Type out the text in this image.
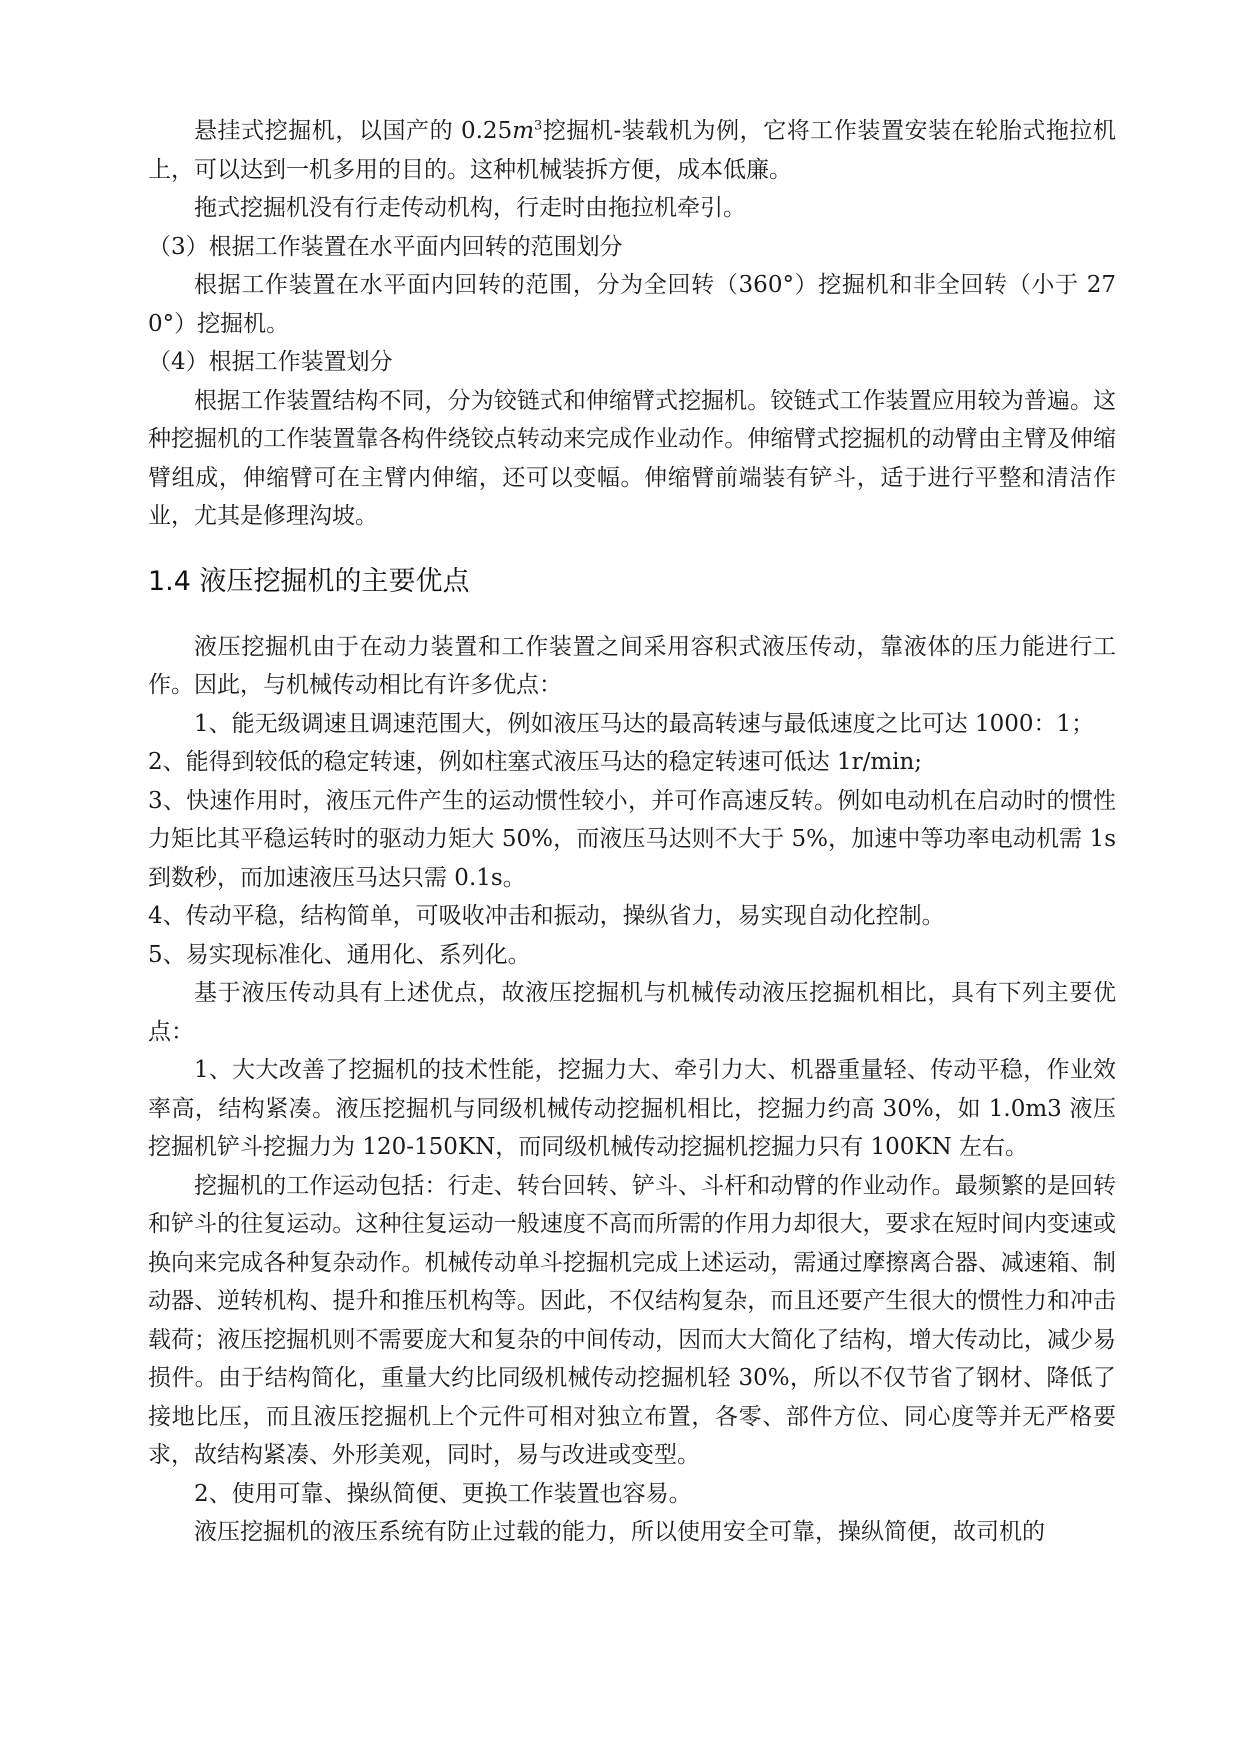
悬挂式挖掘机，以国产的 $0.25m^3$挖掘机-装载机为例，它将工作装置安装在轮胎式拖拉机上，可以达到一机多用的目的。这种机械装拆方便，成本低廉。

拖式挖掘机没有行走传动机构，行走时由拖拉机牵引。

（3）根据工作装置在水平面内回转的范围划分

根据工作装置在水平面内回转的范围，分为全回转（360°）挖掘机和非全回转（小于 270°）挖掘机。

（4）根据工作装置划分

根据工作装置结构不同，分为铰链式和伸缩臂式挖掘机。铰链式工作装置应用较为普遍。这种挖掘机的工作装置靠各构件绕铰点转动来完成作业动作。伸缩臂式挖掘机的动臂由主臂及伸缩臂组成，伸缩臂可在主臂内伸缩，还可以变幅。伸缩臂前端装有铲斗，适于进行平整和清洁作业，尤其是修理沟坡。

1.4 液压挖掘机的主要优点

液压挖掘机由于在动力装置和工作装置之间采用容积式液压传动，靠液体的压力能进行工作。因此，与机械传动相比有许多优点：

1、能无级调速且调速范围大，例如液压马达的最高转速与最低速度之比可达 1000：1；

2、能得到较低的稳定转速，例如柱塞式液压马达的稳定转速可低达 1r/min;

3、快速作用时，液压元件产生的运动惯性较小，并可作高速反转。例如电动机在启动时的惯性力矩比其平稳运转时的驱动力矩大 50%，而液压马达则不大于 5%，加速中等功率电动机需 1s 到数秒，而加速液压马达只需 0.1s。

4、传动平稳，结构简单，可吸收冲击和振动，操纵省力，易实现自动化控制。

5、易实现标准化、通用化、系列化。

基于液压传动具有上述优点，故液压挖掘机与机械传动液压挖掘机相比，具有下列主要优点：

1、大大改善了挖掘机的技术性能，挖掘力大、牵引力大、机器重量轻、传动平稳，作业效率高，结构紧凑。液压挖掘机与同级机械传动挖掘机相比，挖掘力约高 30%，如 1.0m3 液压挖掘机铲斗挖掘力为 120-150KN，而同级机械传动挖掘机挖掘力只有 100KN 左右。

挖掘机的工作运动包括：行走、转台回转、铲斗、斗杆和动臂的作业动作。最频繁的是回转和铲斗的往复运动。这种往复运动一般速度不高而所需的作用力却很大，要求在短时间内变速或换向来完成各种复杂动作。机械传动单斗挖掘机完成上述运动，需通过摩擦离合器、减速箱、制动器、逆转机构、提升和推压机构等。因此，不仅结构复杂，而且还要产生很大的惯性力和冲击载荷；液压挖掘机则不需要庞大和复杂的中间传动，因而大大简化了结构，增大传动比，减少易损件。由于结构简化，重量大约比同级机械传动挖掘机轻 30%，所以不仅节省了钢材、降低了接地比压，而且液压挖掘机上个元件可相对独立布置，各零、部件方位、同心度等并无严格要求，故结构紧凑、外形美观，同时，易与改进或变型。

2、使用可靠、操纵简便、更换工作装置也容易。

液压挖掘机的液压系统有防止过载的能力，所以使用安全可靠，操纵简便，故司机的
